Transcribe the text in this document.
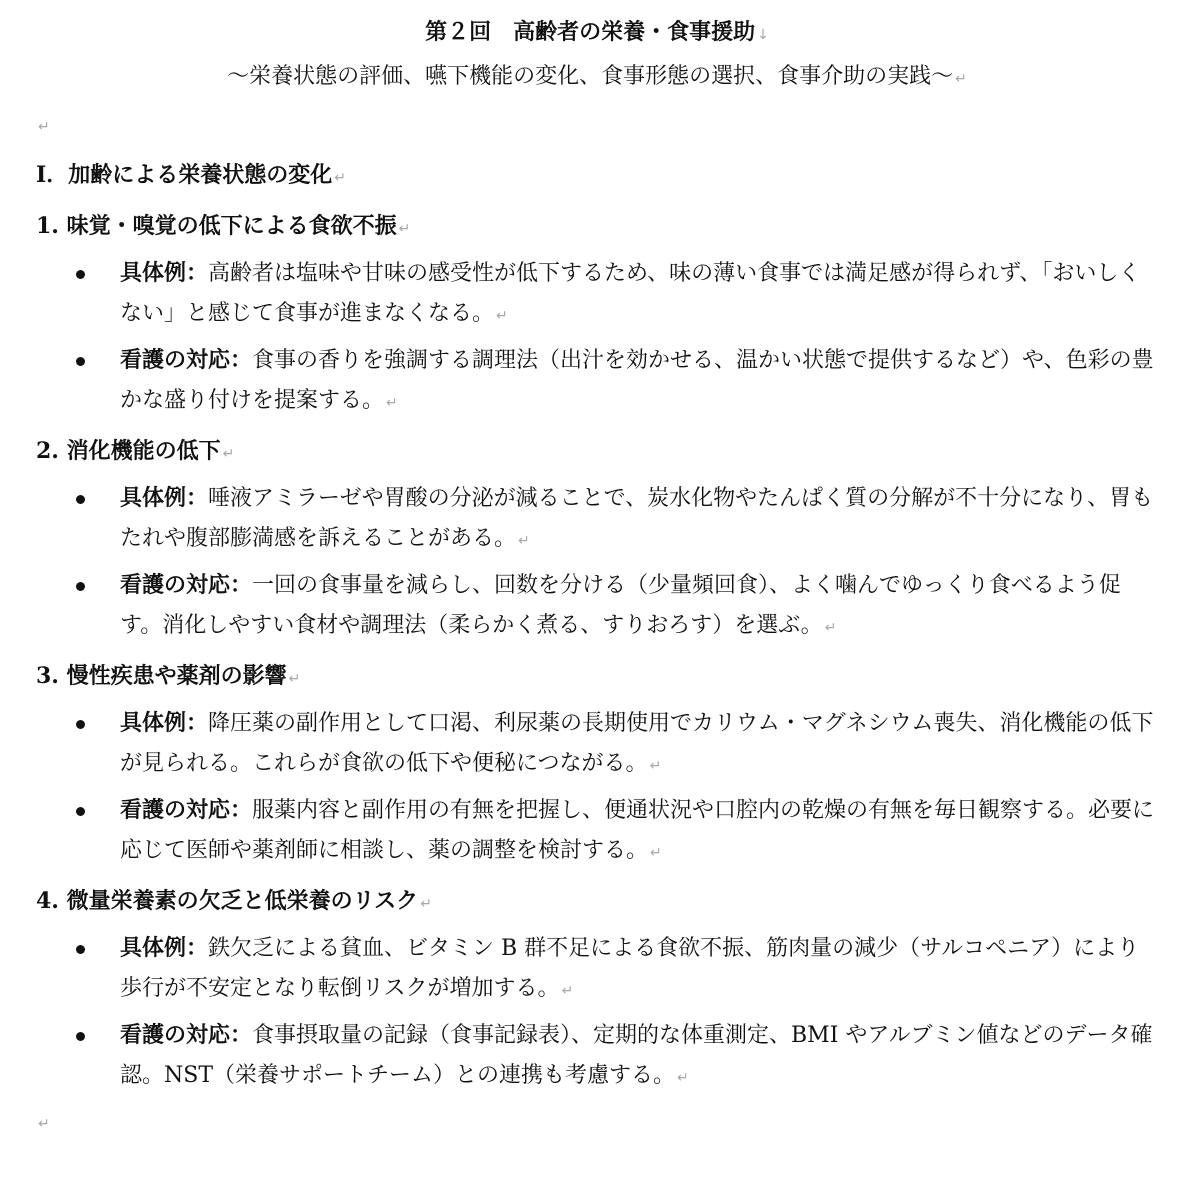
第２回　高齢者の栄養・食事援助 ↓

～栄養状態の評価、嚥下機能の変化、食事形態の選択、食事介助の実践～ ↵

↵

Ⅰ．加齢による栄養状態の変化 ↵

1. 味覚・嗅覚の低下による食欲不振 ↵

具体例：高齢者は塩味や甘味の感受性が低下するため、味の薄い食事では満足感が得られず、「おいしくない」と感じて食事が進まなくなる。 ↵
看護の対応：食事の香りを強調する調理法（出汁を効かせる、温かい状態で提供するなど）や、色彩の豊かな盛り付けを提案する。 ↵

2. 消化機能の低下 ↵

具体例：唾液アミラーゼや胃酸の分泌が減ることで、炭水化物やたんぱく質の分解が不十分になり、胃もたれや腹部膨満感を訴えることがある。 ↵
看護の対応：一回の食事量を減らし、回数を分ける（少量頻回食）、よく噛んでゆっくり食べるよう促す。消化しやすい食材や調理法（柔らかく煮る、すりおろす）を選ぶ。 ↵

3. 慢性疾患や薬剤の影響 ↵

具体例：降圧薬の副作用として口渇、利尿薬の長期使用でカリウム・マグネシウム喪失、消化機能の低下が見られる。これらが食欲の低下や便秘につながる。 ↵
看護の対応：服薬内容と副作用の有無を把握し、便通状況や口腔内の乾燥の有無を毎日観察する。必要に応じて医師や薬剤師に相談し、薬の調整を検討する。 ↵

4. 微量栄養素の欠乏と低栄養のリスク ↵

具体例：鉄欠乏による貧血、ビタミン B 群不足による食欲不振、筋肉量の減少（サルコペニア）により歩行が不安定となり転倒リスクが増加する。 ↵
看護の対応：食事摂取量の記録（食事記録表）、定期的な体重測定、BMI やアルブミン値などのデータ確認。NST（栄養サポートチーム）との連携も考慮する。 ↵
↵
